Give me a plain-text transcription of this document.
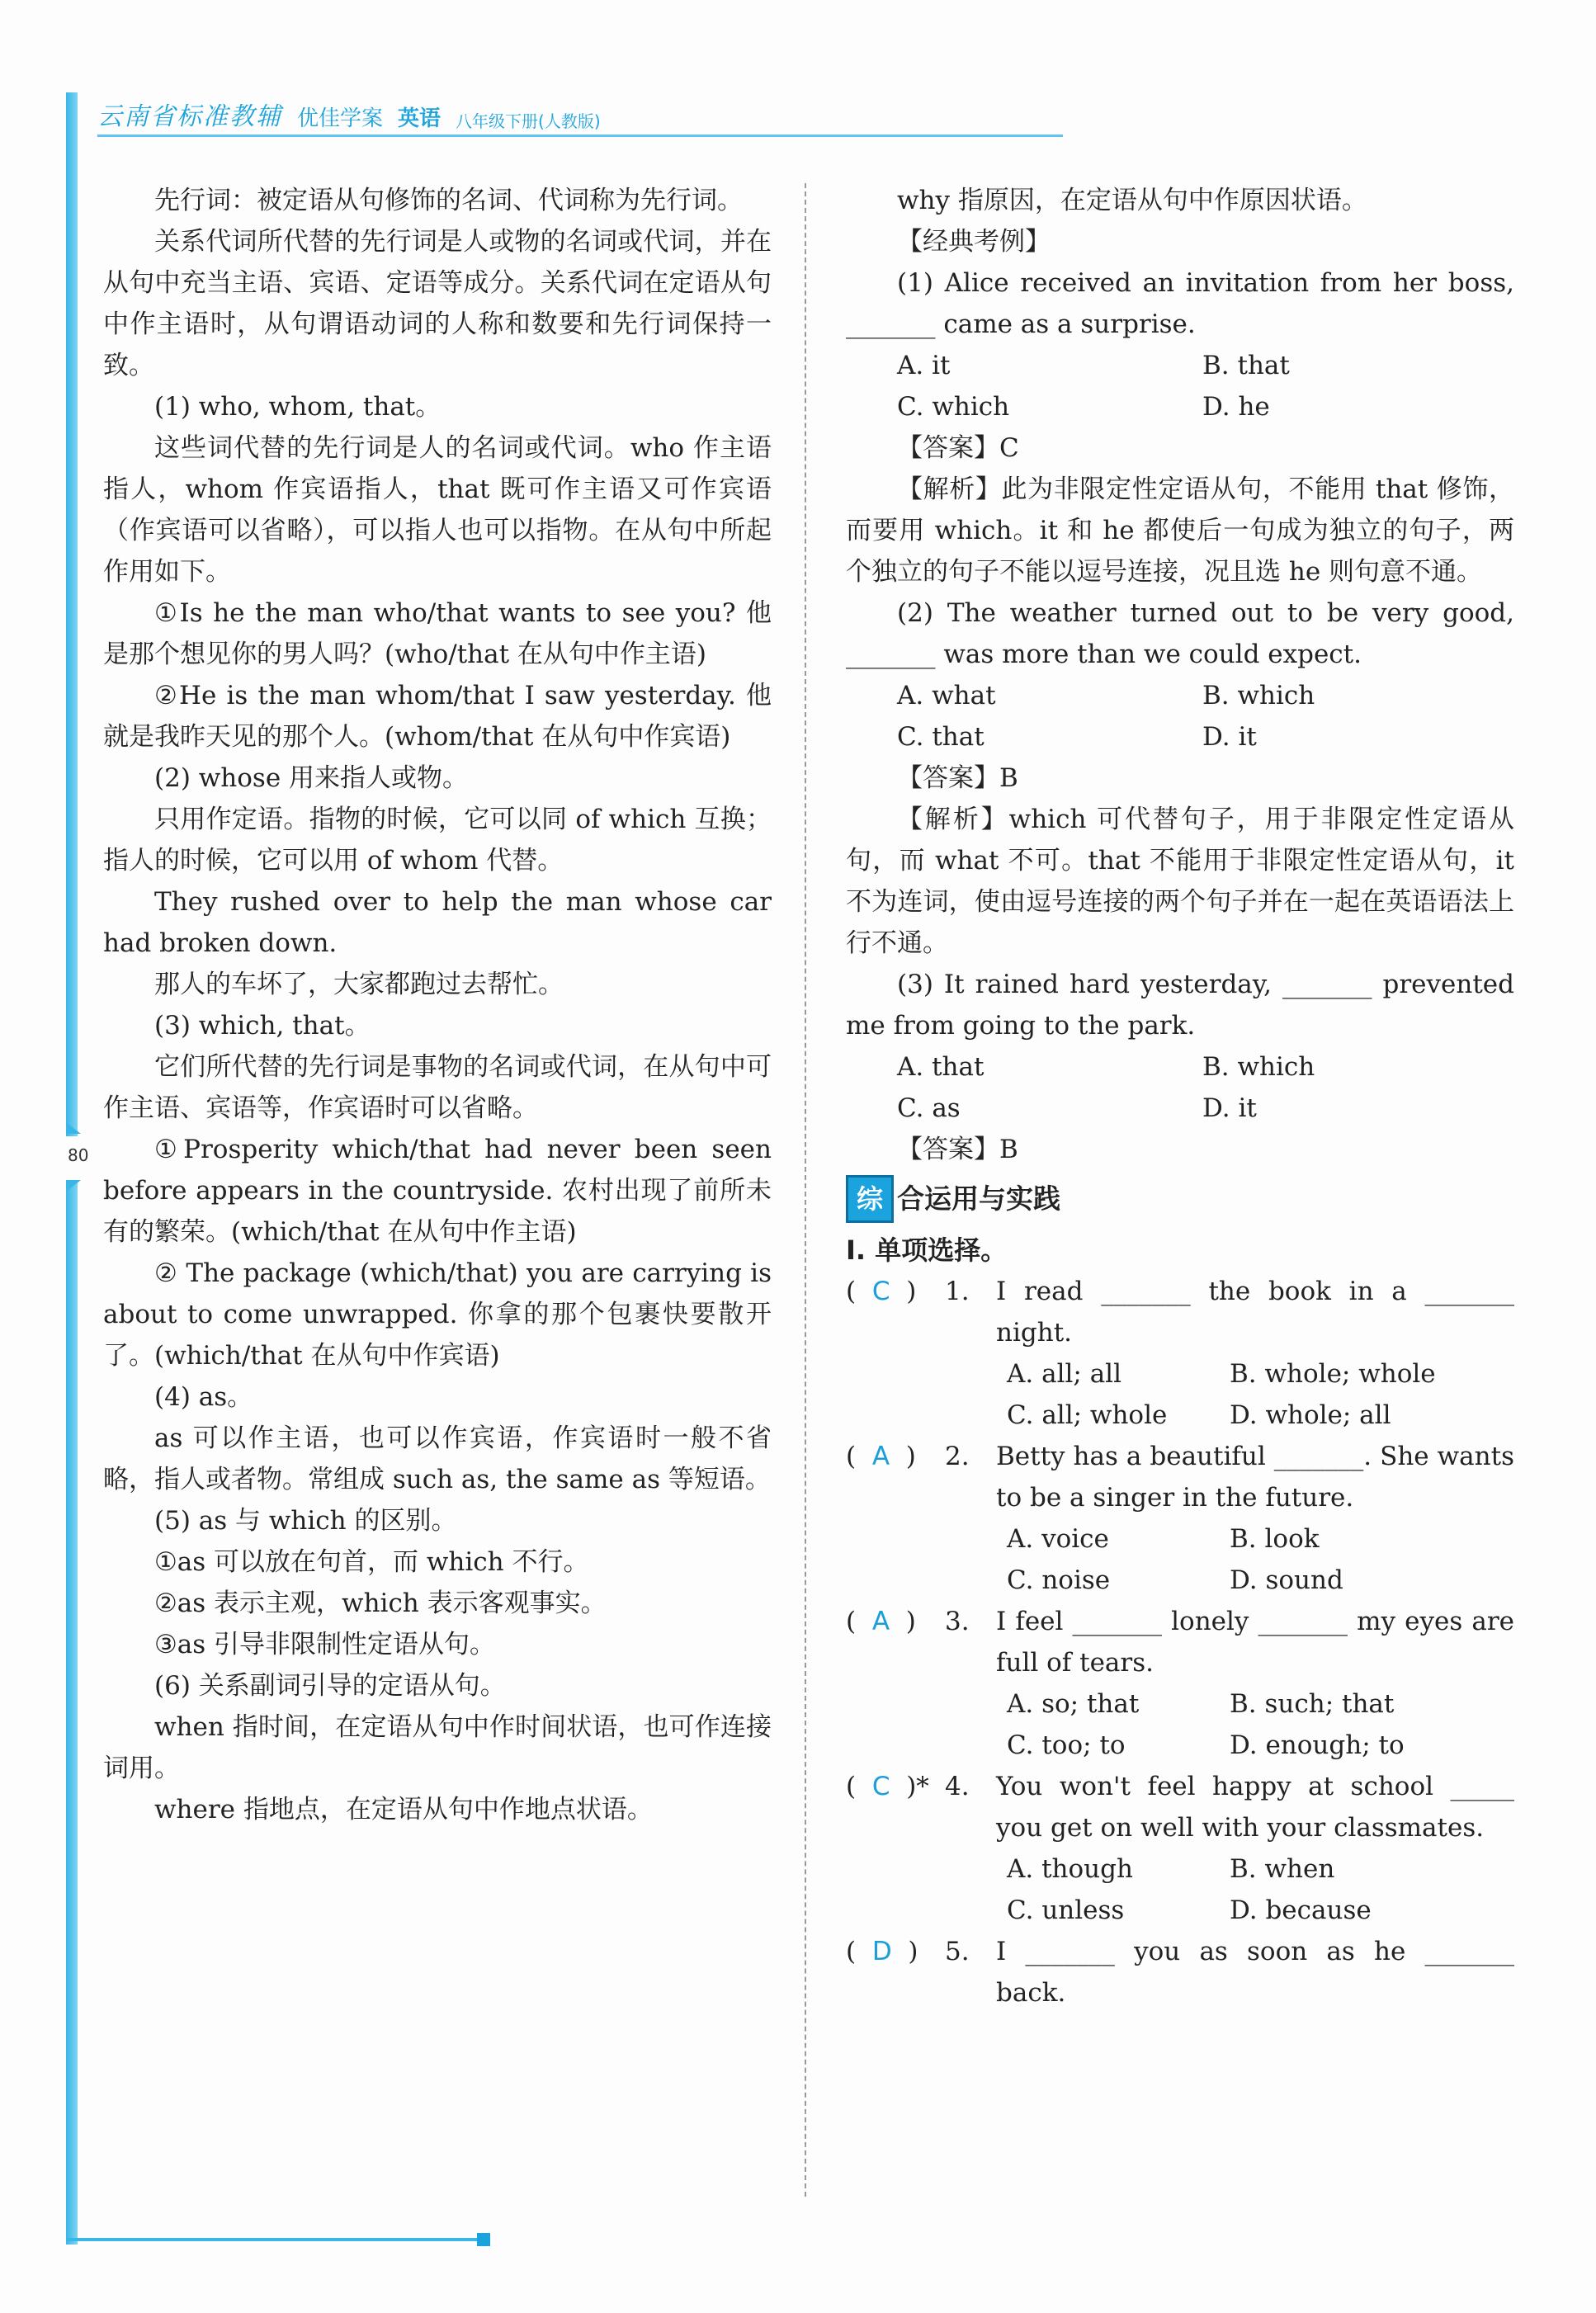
云南省标准教辅 优佳学案 英语 八年级下册(人教版)
80

先行词：被定语从句修饰的名词、代词称为先行词。

关系代词所代替的先行词是人或物的名词或代词，并在从句中充当主语、宾语、定语等成分。关系代词在定语从句中作主语时，从句谓语动词的人称和数要和先行词保持一致。

(1) who, whom, that。

这些词代替的先行词是人的名词或代词。who 作主语指人，whom 作宾语指人，that 既可作主语又可作宾语（作宾语可以省略），可以指人也可以指物。在从句中所起作用如下。

①Is he the man who/that wants to see you? 他是那个想见你的男人吗？(who/that 在从句中作主语)

②He is the man whom/that I saw yesterday. 他就是我昨天见的那个人。(whom/that 在从句中作宾语)

(2) whose 用来指人或物。

只用作定语。指物的时候，它可以同 of which 互换；指人的时候，它可以用 of whom 代替。

They rushed over to help the man whose car had broken down.

那人的车坏了，大家都跑过去帮忙。

(3) which, that。

它们所代替的先行词是事物的名词或代词，在从句中可作主语、宾语等，作宾语时可以省略。

①Prosperity which/that had never been seen before appears in the countryside. 农村出现了前所未有的繁荣。(which/that 在从句中作主语)

② The package (which/that) you are carrying is about to come unwrapped. 你拿的那个包裹快要散开了。(which/that 在从句中作宾语)

(4) as。

as 可以作主语，也可以作宾语，作宾语时一般不省略，指人或者物。常组成 such as, the same as 等短语。

(5) as 与 which 的区别。

①as 可以放在句首，而 which 不行。

②as 表示主观，which 表示客观事实。

③as 引导非限制性定语从句。

(6) 关系副词引导的定语从句。

when 指时间，在定语从句中作时间状语，也可作连接词用。

where 指地点，在定语从句中作地点状语。

why 指原因，在定语从句中作原因状语。

【经典考例】

(1) Alice received an invitation from her boss, _______ came as a surprise.

A. it	B. that
C. which	D. he

【答案】C

【解析】此为非限定性定语从句，不能用 that 修饰，而要用 which。it 和 he 都使后一句成为独立的句子，两个独立的句子不能以逗号连接，况且选 he 则句意不通。

(2) The weather turned out to be very good, _______ was more than we could expect.

A. what	B. which
C. that	D. it

【答案】B

【解析】which 可代替句子，用于非限定性定语从句，而 what 不可。that 不能用于非限定性定语从句，it 不为连词，使由逗号连接的两个句子并在一起在英语语法上行不通。

(3) It rained hard yesterday, _______ prevented me from going to the park.

A. that	B. which
C. as	D. it

【答案】B

综 合运用与实践
Ⅰ. 单项选择。
( C )	1.	I read _______ the book in a _______ night.
A. all; all	B. whole; whole
C. all; whole	D. whole; all
( A )	2.	Betty has a beautiful _______. She wants to be a singer in the future.
A. voice	B. look
C. noise	D. sound
( A )	3.	I feel _______ lonely _______ my eyes are full of tears.
A. so; that	B. such; that
C. too; to	D. enough; to
( C )* 4.	You won't feel happy at school _____ you get on well with your classmates.
A. though	B. when
C. unless	D. because
( D )	5.	I _______ you as soon as he _______ back.
